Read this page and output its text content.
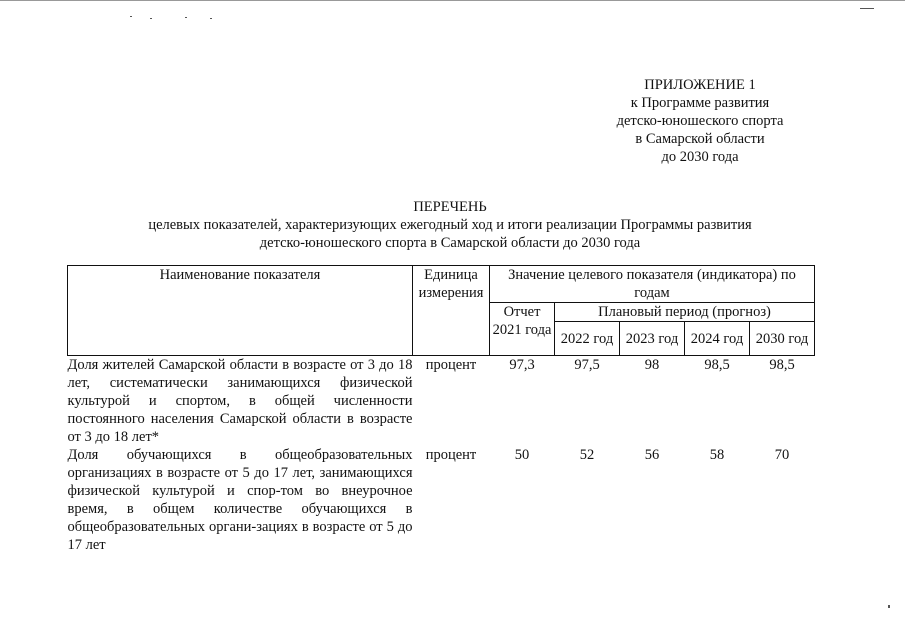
ПРИЛОЖЕНИЕ 1
к Программе развития
детско-юношеского спорта
в Самарской области
до 2030 года
ПЕРЕЧЕНЬ
целевых показателей, характеризующих ежегодный ход и итоги реализации Программы развития
детско-юношеского спорта в Самарской области до 2030 года
Наименование показателя	Единица измерения	Значение целевого показателя (индикатора) по годам				
		Отчет 2021 года	Плановый период (прогноз)			
			2022 год	2023 год	2024 год	2030 год
Доля жителей Самарской области в возрасте от 3 до 18 лет, систематически занимающихся физической культурой и спортом, в общей численности постоянного населения Самарской области в возрасте от 3 до 18 лет*	процент	97,3	97,5	98	98,5	98,5
Доля обучающихся в общеобразовательных организациях в возрасте от 5 до 17 лет, занимающихся физической культурой и спор-том во внеурочное время, в общем количестве обучающихся в общеобразовательных органи-зациях в возрасте от 5 до 17 лет	процент	50	52	56	58	70
